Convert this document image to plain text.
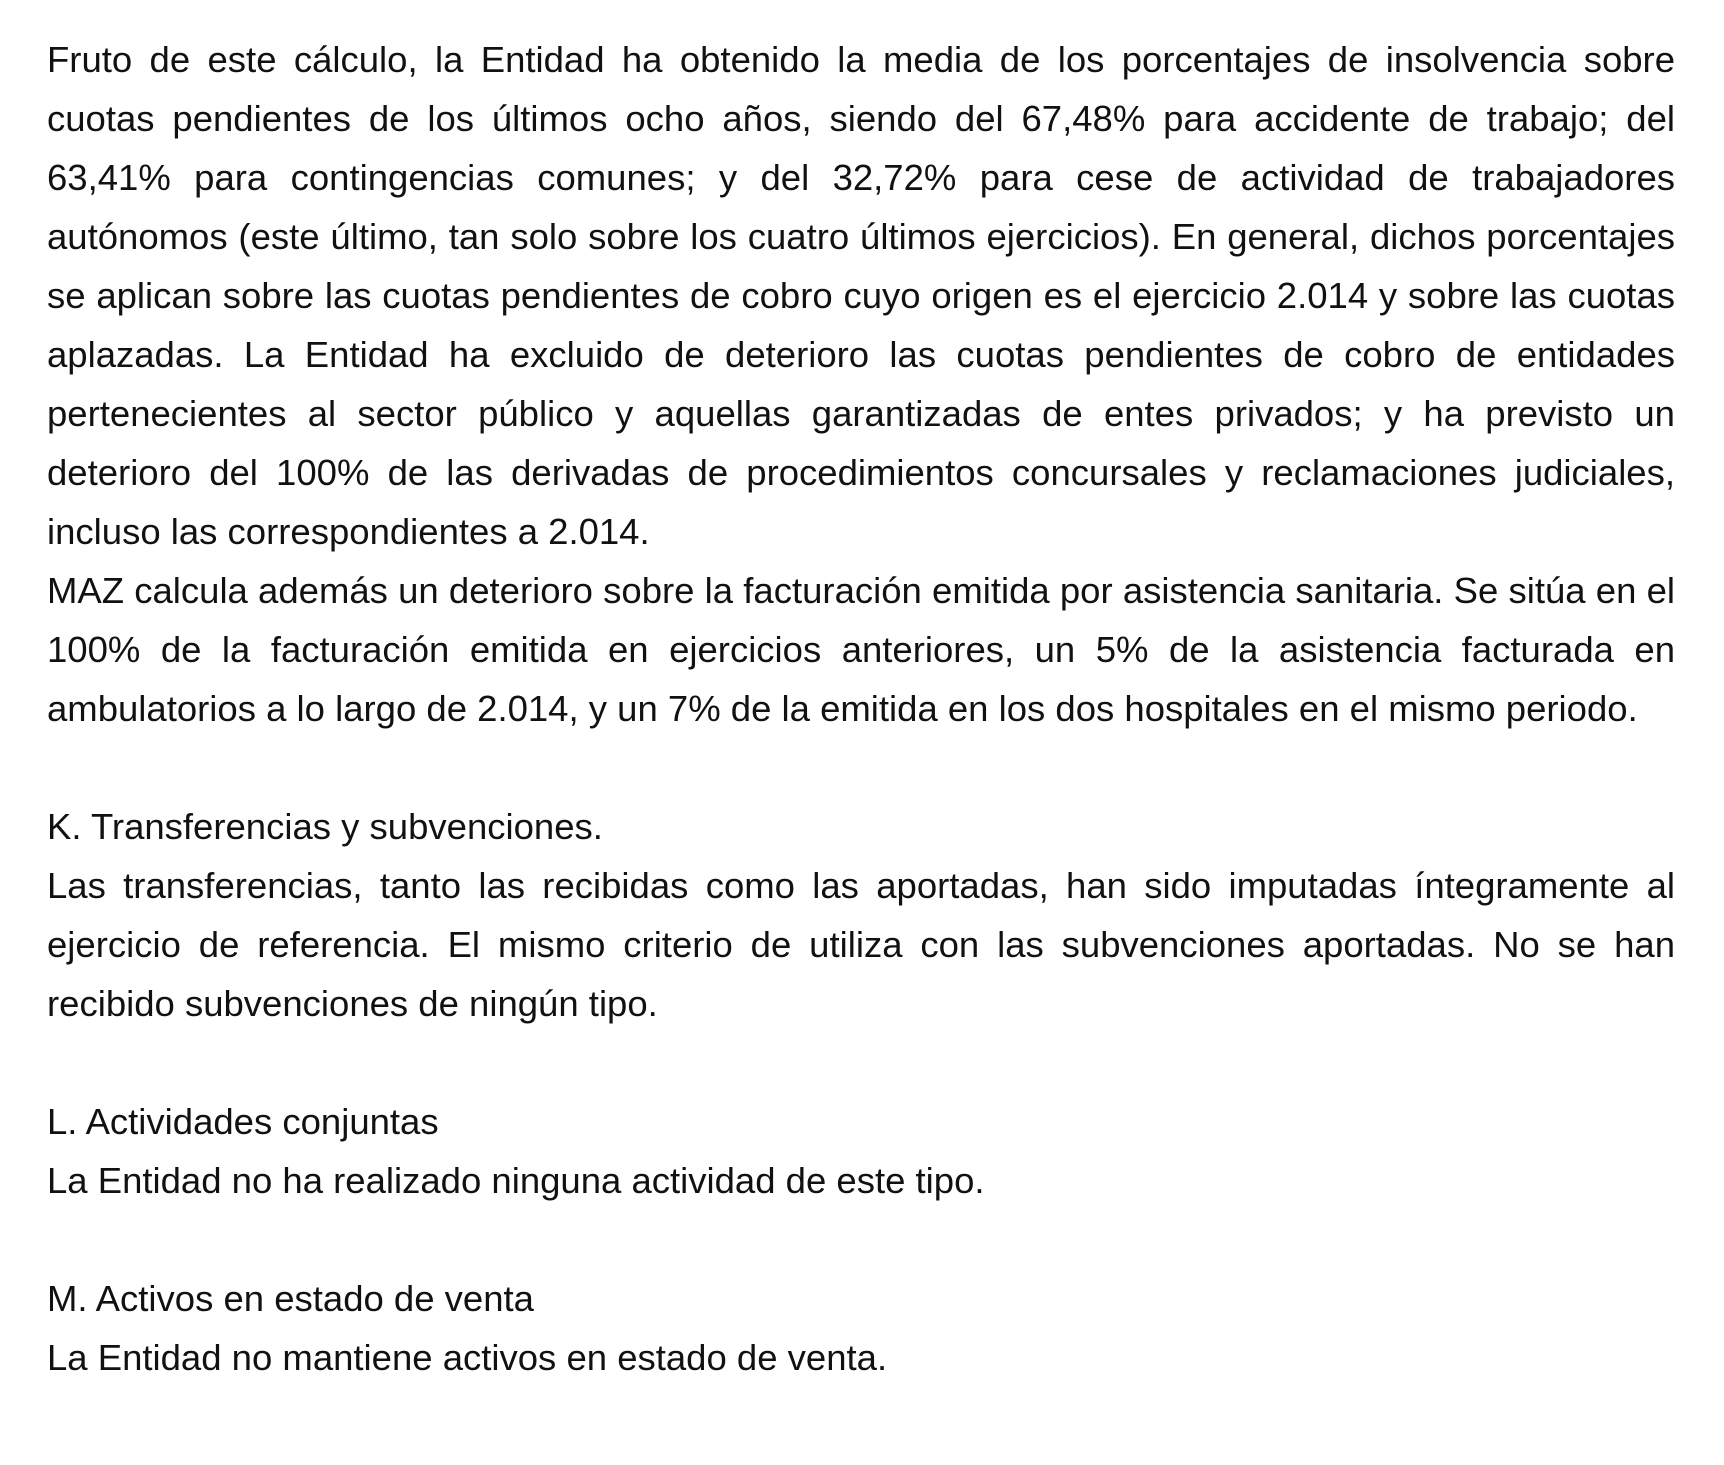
Fruto de este cálculo, la Entidad ha obtenido la media de los porcentajes de insolvencia sobre cuotas pendientes de los últimos ocho años, siendo del 67,48% para accidente de trabajo; del 63,41% para contingencias comunes; y del 32,72% para cese de actividad de trabajadores autónomos (este último, tan solo sobre los cuatro últimos ejercicios). En general, dichos porcentajes se aplican sobre las cuotas pendientes de cobro cuyo origen es el ejercicio 2.014 y sobre las cuotas aplazadas. La Entidad ha excluido de deterioro las cuotas pendientes de cobro de entidades pertenecientes al sector público y aquellas garantizadas de entes privados; y ha previsto un deterioro del 100% de las derivadas de procedimientos concursales y reclamaciones judiciales, incluso las correspondientes a 2.014.

MAZ calcula además un deterioro sobre la facturación emitida por asistencia sanitaria. Se sitúa en el 100% de la facturación emitida en ejercicios anteriores, un 5% de la asistencia facturada en ambulatorios a lo largo de 2.014, y un 7% de la emitida en los dos hospitales en el mismo periodo.

K. Transferencias y subvenciones.

Las transferencias, tanto las recibidas como las aportadas, han sido imputadas íntegramente al ejercicio de referencia. El mismo criterio de utiliza con las subvenciones aportadas. No se han recibido subvenciones de ningún tipo.

L. Actividades conjuntas

La Entidad no ha realizado ninguna actividad de este tipo.

M. Activos en estado de venta

La Entidad no mantiene activos en estado de venta.
